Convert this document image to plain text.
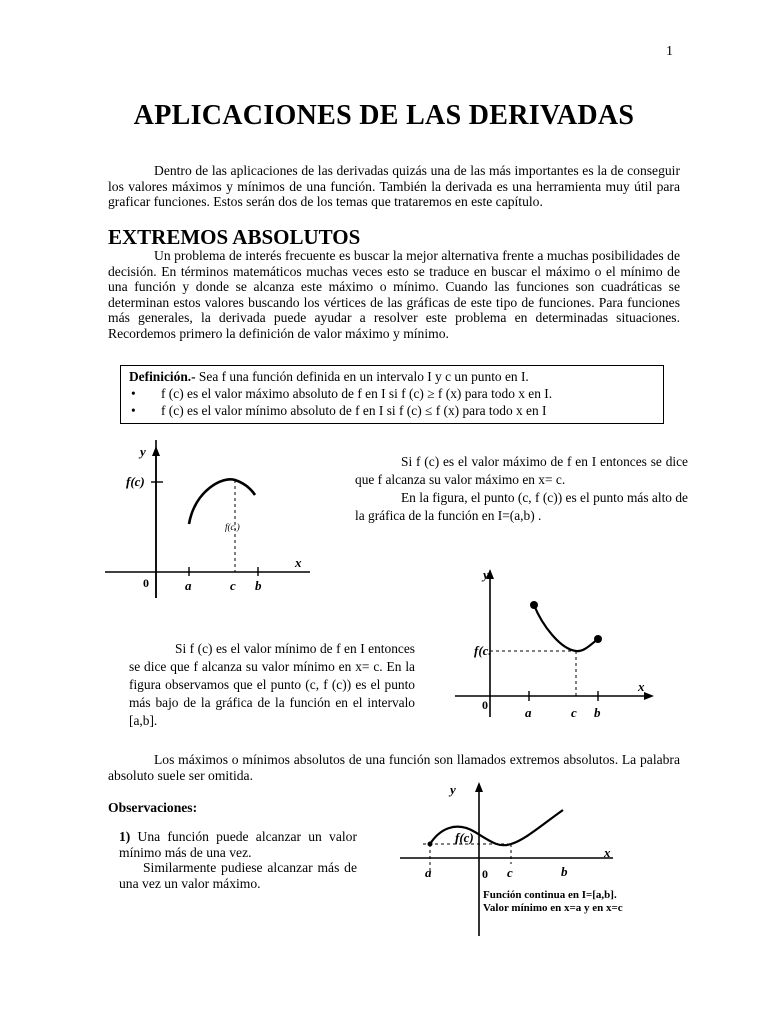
1
APLICACIONES DE LAS DERIVADAS
Dentro de las aplicaciones de las derivadas quizás una de las más importantes es la de conseguir los valores máximos y mínimos de una función. También la derivada es una herramienta muy útil para graficar funciones. Estos serán dos de los temas que trataremos en este capítulo.
EXTREMOS ABSOLUTOS
Un problema de interés frecuente es buscar la mejor alternativa frente a muchas posibilidades de decisión. En términos matemáticos muchas veces esto se traduce en buscar el máximo o el mínimo de una función y donde se alcanza este máximo o mínimo. Cuando las funciones son cuadráticas se determinan estos valores buscando los vértices de las gráficas de este tipo de funciones. Para funciones más generales, la derivada puede ayudar a resolver este problema en determinadas situaciones. Recordemos primero la definición de valor máximo y mínimo.
Definición.- Sea f una función definida en un intervalo I y c un punto en I.
• f (c) es el valor máximo absoluto de f en I si f (c) ≥ f (x) para todo x en I.
• f (c) es el valor mínimo absoluto de f en I si f (c) ≤ f (x) para todo x en I
y
f(c)
f(c.)
x
0	a	c b
Si f (c) es el valor máximo de f en I entonces se dice que f alcanza su valor máximo en x= c.
En la figura, el punto (c, f (c)) es el punto más alto de la gráfica de la función en I=(a,b) .
y
f(c.
x
0	a	c b
Si f (c) es el valor mínimo de f en I entonces se dice que f alcanza su valor mínimo en x= c. En la figura observamos que el punto (c, f (c)) es el punto más bajo de la gráfica de la función en el intervalo [a,b].
Los máximos o mínimos absolutos de una función son llamados extremos absolutos. La palabra absoluto suele ser omitida.
Observaciones:
1) Una función puede alcanzar un valor mínimo más de una vez.
Similarmente pudiese alcanzar más de una vez un valor máximo.
y
f(c)
x
0
a	c	b
Función continua en I=[a,b].
Valor mínimo en x=a y en x=c
